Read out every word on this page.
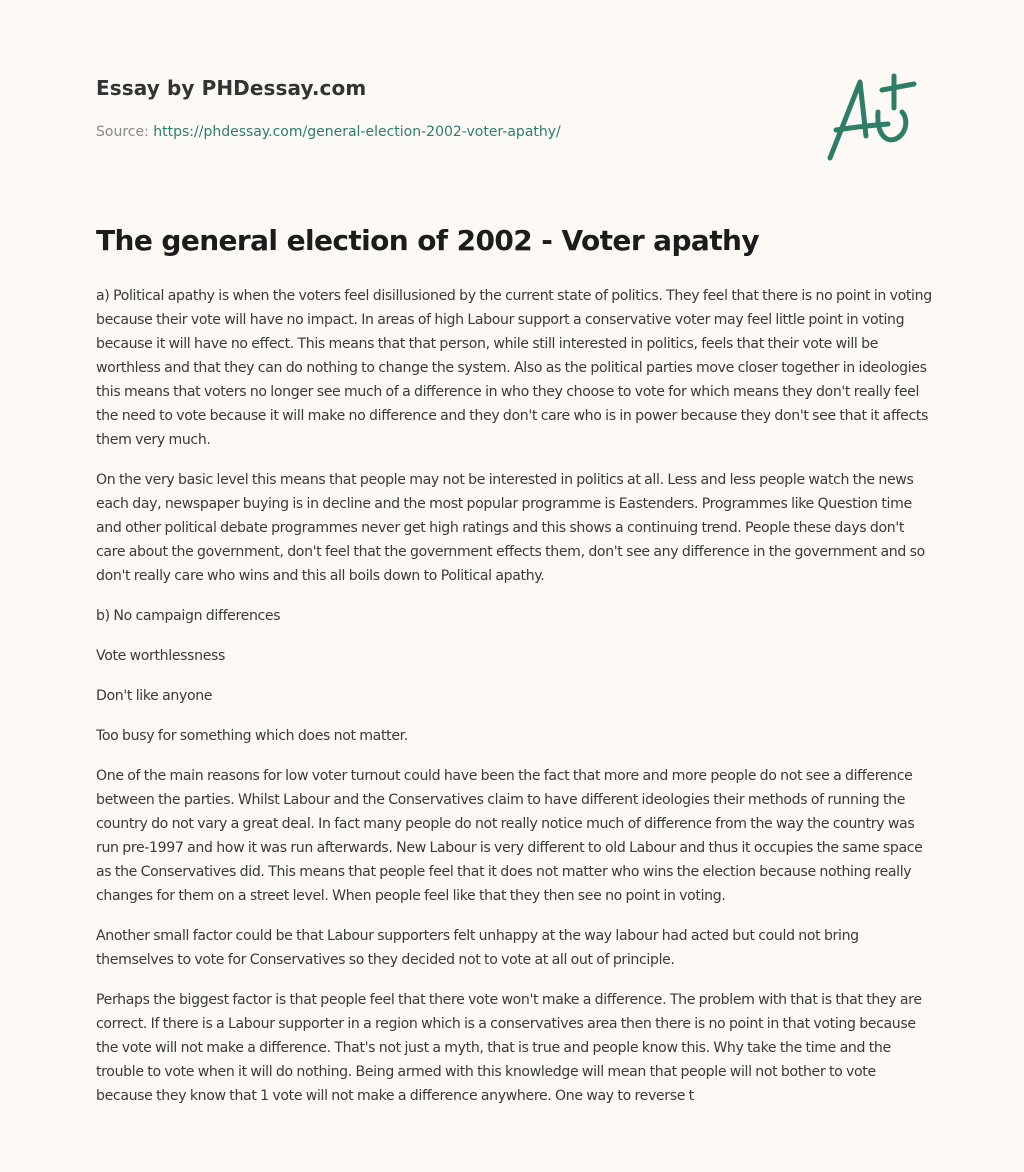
Essay by PHDessay.com
Source: https://phdessay.com/general-election-2002-voter-apathy/
The general election of 2002 - Voter apathy

a) Political apathy is when the voters feel disillusioned by the current state of politics. They feel that there is no point in voting because their vote will have no impact. In areas of high Labour support a conservative voter may feel little point in voting because it will have no effect. This means that that person, while still interested in politics, feels that their vote will be worthless and that they can do nothing to change the system. Also as the political parties move closer together in ideologies this means that voters no longer see much of a difference in who they choose to vote for which means they don't really feel the need to vote because it will make no difference and they don't care who is in power because they don't see that it affects them very much.

On the very basic level this means that people may not be interested in politics at all. Less and less people watch the news each day, newspaper buying is in decline and the most popular programme is Eastenders. Programmes like Question time and other political debate programmes never get high ratings and this shows a continuing trend. People these days don't care about the government, don't feel that the government effects them, don't see any difference in the government and so don't really care who wins and this all boils down to Political apathy.

b) No campaign differences

Vote worthlessness

Don't like anyone

Too busy for something which does not matter.

One of the main reasons for low voter turnout could have been the fact that more and more people do not see a difference between the parties. Whilst Labour and the Conservatives claim to have different ideologies their methods of running the country do not vary a great deal. In fact many people do not really notice much of difference from the way the country was run pre-1997 and how it was run afterwards. New Labour is very different to old Labour and thus it occupies the same space as the Conservatives did. This means that people feel that it does not matter who wins the election because nothing really changes for them on a street level. When people feel like that they then see no point in voting.

Another small factor could be that Labour supporters felt unhappy at the way labour had acted but could not bring themselves to vote for Conservatives so they decided not to vote at all out of principle.

Perhaps the biggest factor is that people feel that there vote won't make a difference. The problem with that is that they are correct. If there is a Labour supporter in a region which is a conservatives area then there is no point in that voting because the vote will not make a difference. That's not just a myth, that is true and people know this. Why take the time and the trouble to vote when it will do nothing. Being armed with this knowledge will mean that people will not bother to vote because they know that 1 vote will not make a difference anywhere. One way to reverse t
